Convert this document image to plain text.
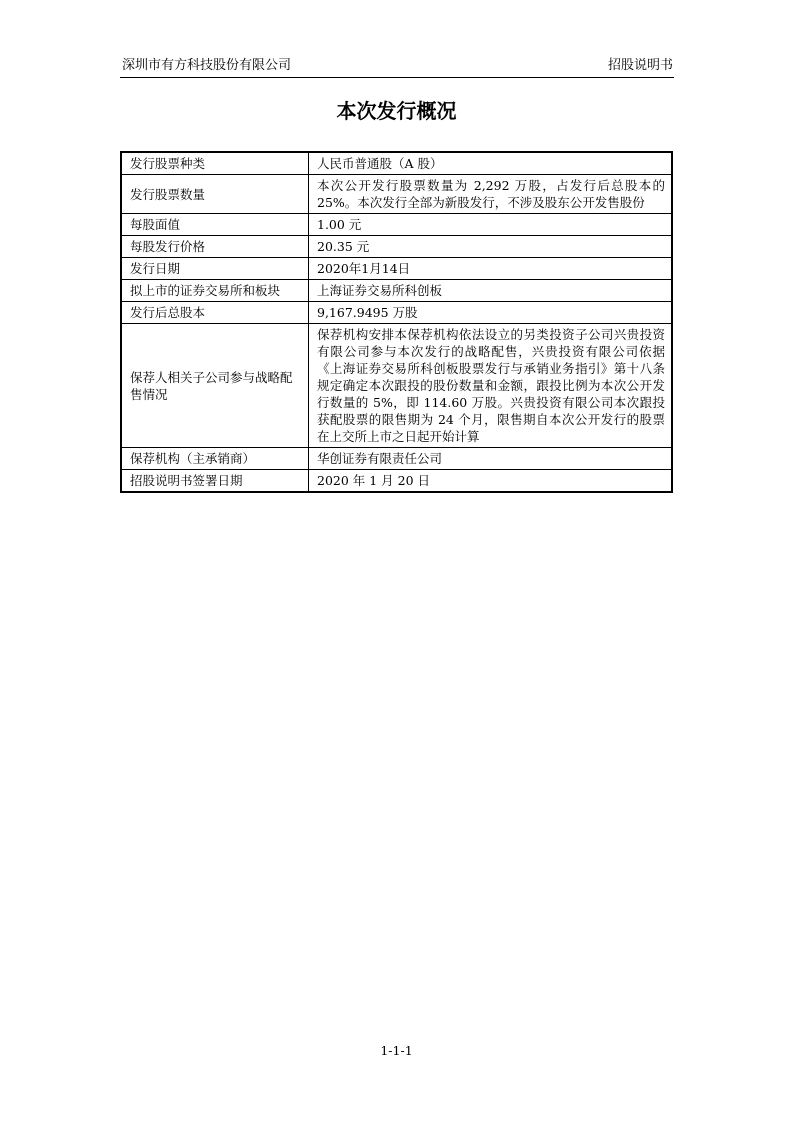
深圳市有方科技股份有限公司	招股说明书
本次发行概况
发行股票种类	人民币普通股（A 股）
发行股票数量	本次公开发行股票数量为 2,292 万股，占发行后总股本的 25%。本次发行全部为新股发行，不涉及股东公开发售股份
每股面值	1.00 元
每股发行价格	20.35 元
发行日期	2020年1月14日
拟上市的证券交易所和板块	上海证券交易所科创板
发行后总股本	9,167.9495 万股
保荐人相关子公司参与战略配售情况	保荐机构安排本保荐机构依法设立的另类投资子公司兴贵投资有限公司参与本次发行的战略配售，兴贵投资有限公司依据《上海证券交易所科创板股票发行与承销业务指引》第十八条规定确定本次跟投的股份数量和金额，跟投比例为本次公开发行数量的 5%，即 114.60 万股。兴贵投资有限公司本次跟投获配股票的限售期为 24 个月，限售期自本次公开发行的股票在上交所上市之日起开始计算
保荐机构（主承销商）	华创证券有限责任公司
招股说明书签署日期	2020 年 1 月 20 日
1-1-1
